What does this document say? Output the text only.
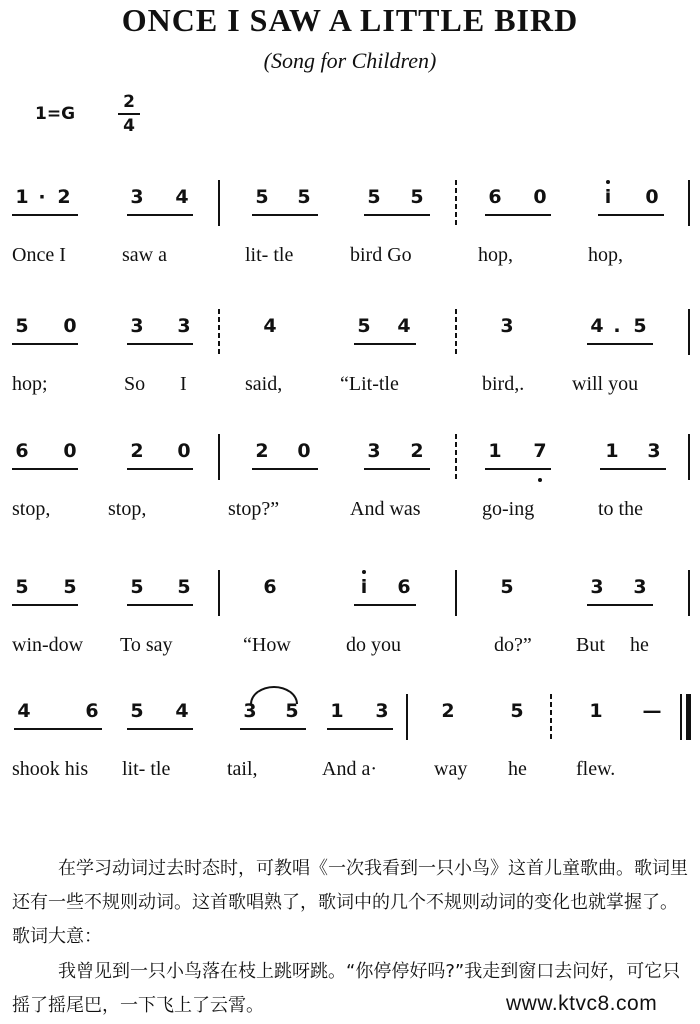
ONCE I SAW A LITTLE BIRD
(Song for Children)
1=G
2
4
1 · 2	3 4	5 5	5 5	6 0	i	0
Once I	saw a	lit- tle	bird Go	hop,	hop,
5 0	3 3	4	5 4	3	4 . 5
hop;	So I	said,	“Lit-tle	bird,. will you
6 0	2 0	2 0	3 2	1 7	1 3
stop,	stop,	stop?”	And was	go-ing	to the
5 5	5 5	6	i	6	5	3 3
win-dow To say	“How	do you	do?” But he
4	6 5 4	3 5 1 3	2	5	1 —
shook his lit- tle	tail,	And a·	way he flew.
在学习动词过去时态时，可教唱《一次我看到一只小鸟》这首儿童歌曲。歌词里还有一些不规则动词。这首歌唱熟了，歌词中的几个不规则动词的变化也就掌握了。歌词大意：
我曾见到一只小鸟落在枝上跳呀跳。“你停停好吗?”我走到窗口去问好，可它只摇了摇尾巴，一下飞上了云霄。	www.ktvc8.com
